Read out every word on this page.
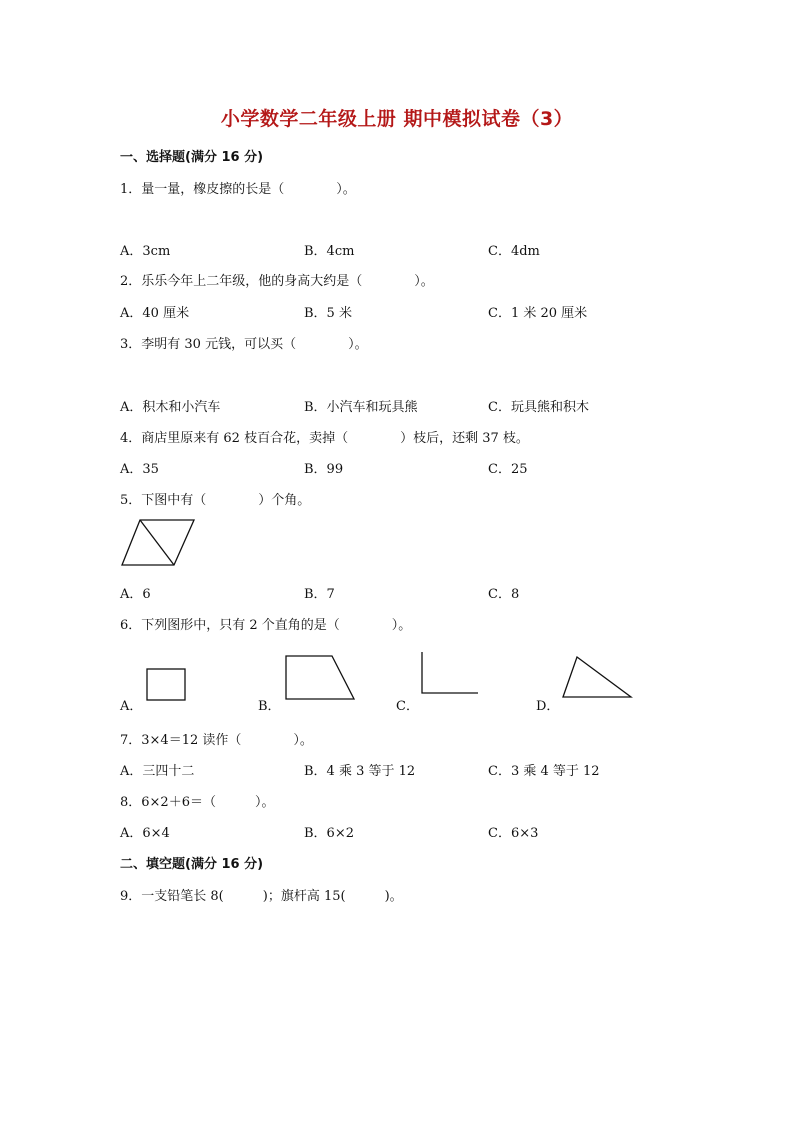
小学数学二年级上册 期中模拟试卷（3）
一、选择题(满分 16 分)
1．量一量，橡皮擦的长是（　　　　）。
A．3cm	B．4cm	C．4dm
2．乐乐今年上二年级，他的身高大约是（　　　　）。
A．40 厘米	B．5 米	C．1 米 20 厘米
3．李明有 30 元钱，可以买（　　　　）。
A．积木和小汽车	B．小汽车和玩具熊	C．玩具熊和积木
4．商店里原来有 62 枝百合花，卖掉（　　　　）枝后，还剩 37 枝。
A．35	B．99	C．25
5．下图中有（　　　　）个角。
A．6	B．7	C．8
6．下列图形中，只有 2 个直角的是（　　　　）。
A．	B．	C．	D．
7．3×4＝12 读作（　　　　）。
A．三四十二	B．4 乘 3 等于 12	C．3 乘 4 等于 12
8．6×2＋6＝（　　　）。
A．6×4	B．6×2	C．6×3
二、填空题(满分 16 分)
9．一支铅笔长 8(　　　)；旗杆高 15(　　　)。
